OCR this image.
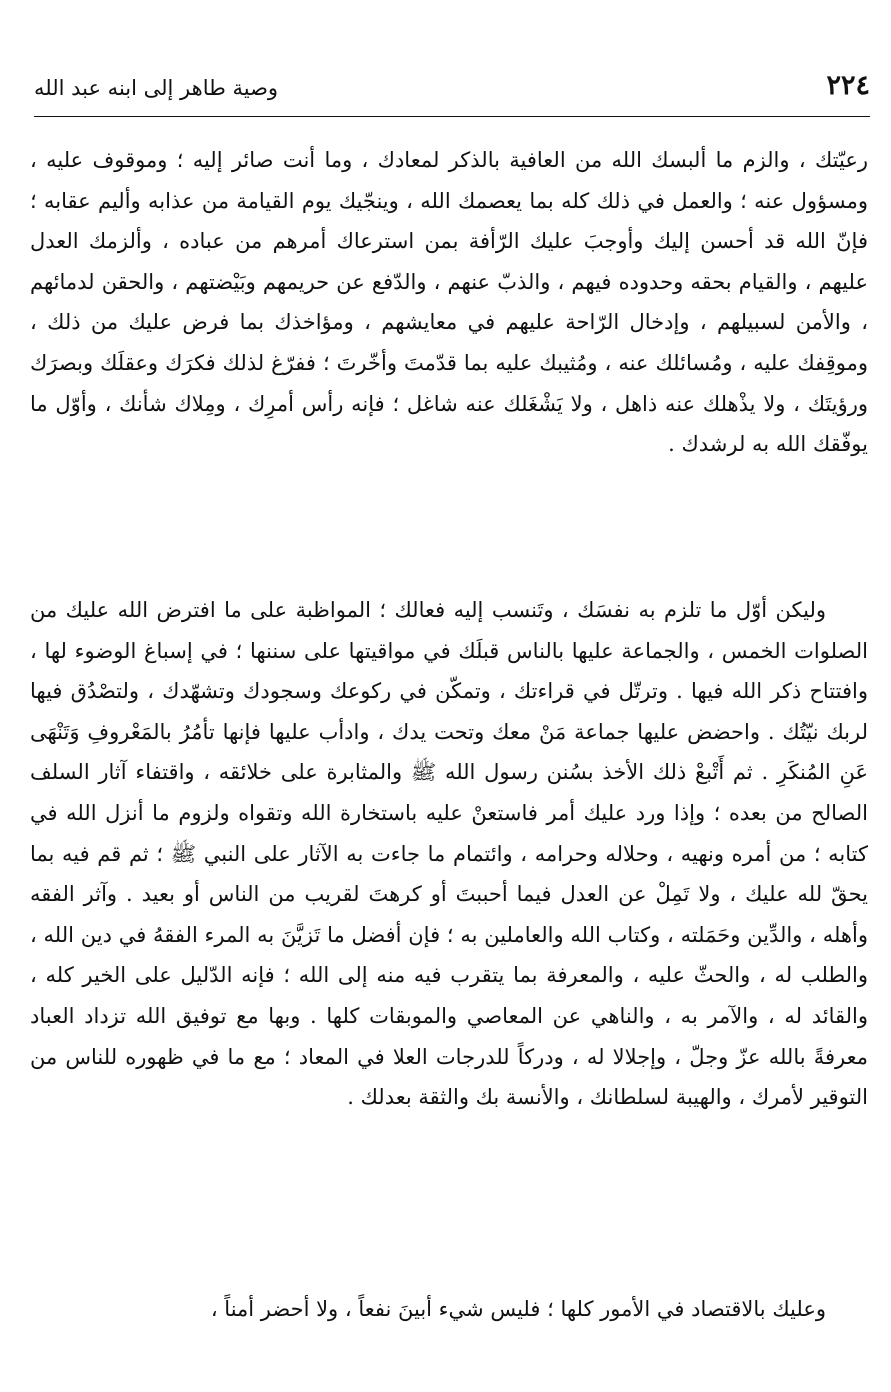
٢٢٤
وصية طاهر إلى ابنه عبد الله

رعيّتك ، والزم ما ألبسك الله من العافية بالذكر لمعادك ، وما أنت صائر إليه ؛ وموقوف عليه ، ومسؤول عنه ؛ والعمل في ذلك كله بما يعصمك الله ، وينجّيك يوم القيامة من عذابه وأليم عقابه ؛ فإنّ الله قد أحسن إليك وأوجبَ عليك الرّأفة بمن استرعاك أمرهم من عباده ، وألزمك العدل عليهم ، والقيام بحقه وحدوده فيهم ، والذبّ عنهم ، والدّفع عن حريمهم وبَيْضتهم ، والحقن لدمائهم ، والأمن لسبيلهم ، وإدخال الرّاحة عليهم في معايشهم ، ومؤاخذك بما فرض عليك من ذلك ، وموقِفك عليه ، ومُسائلك عنه ، ومُثيبك عليه بما قدّمتَ وأخّرتَ ؛ ففرّغ لذلك فكرَك وعقلَك وبصرَك ورؤيتَك ، ولا يذْهلك عنه ذاهل ، ولا يَشْغَلك عنه شاغل ؛ فإنه رأس أمرِك ، ومِلاك شأنك ، وأوّل ما يوفّقك الله به لرشدك .

وليكن أوّل ما تلزم به نفسَك ، وتَنسب إليه فعالك ؛ المواظبة على ما افترض الله عليك من الصلوات الخمس ، والجماعة عليها بالناس قبلَك في مواقيتها على سننها ؛ في إسباغ الوضوء لها ، وافتتاح ذكر الله فيها . وترتّل في قراءتك ، وتمكّن في ركوعك وسجودك وتشهّدك ، ولتصْدُق فيها لربك نيّتُك . واحضض عليها جماعة مَنْ معك وتحت يدك ، وادأب عليها فإنها تأمُرُ بالمَعْروفِ وَتَنْهَى عَنِ المُنكَرِ . ثم أَتْبعْ ذلك الأخذ بسُنن رسول الله ﷺ والمثابرة على خلائقه ، واقتفاء آثار السلف الصالح من بعده ؛ وإذا ورد عليك أمر فاستعنْ عليه باستخارة الله وتقواه ولزوم ما أنزل الله في كتابه ؛ من أمره ونهيه ، وحلاله وحرامه ، وائتمام ما جاءت به الآثار على النبي ﷺ ؛ ثم قم فيه بما يحقّ لله عليك ، ولا تَمِلْ عن العدل فيما أحببتَ أو كرهتَ لقريب من الناس أو بعيد . وآثر الفقه وأهله ، والدِّين وحَمَلته ، وكتاب الله والعاملين به ؛ فإن أفضل ما تَزيَّنَ به المرء الفقهُ في دين الله ، والطلب له ، والحثّ عليه ، والمعرفة بما يتقرب فيه منه إلى الله ؛ فإنه الدّليل على الخير كله ، والقائد له ، والآمر به ، والناهي عن المعاصي والموبقات كلها . وبها مع توفيق الله تزداد العباد معرفةً بالله عزّ وجلّ ، وإجلالا له ، ودركاً للدرجات العلا في المعاد ؛ مع ما في ظهوره للناس من التوقير لأمرك ، والهيبة لسلطانك ، والأنسة بك والثقة بعدلك .

وعليك بالاقتصاد في الأمور كلها ؛ فليس شيء أبينَ نفعاً ، ولا أحضر أمناً ،
